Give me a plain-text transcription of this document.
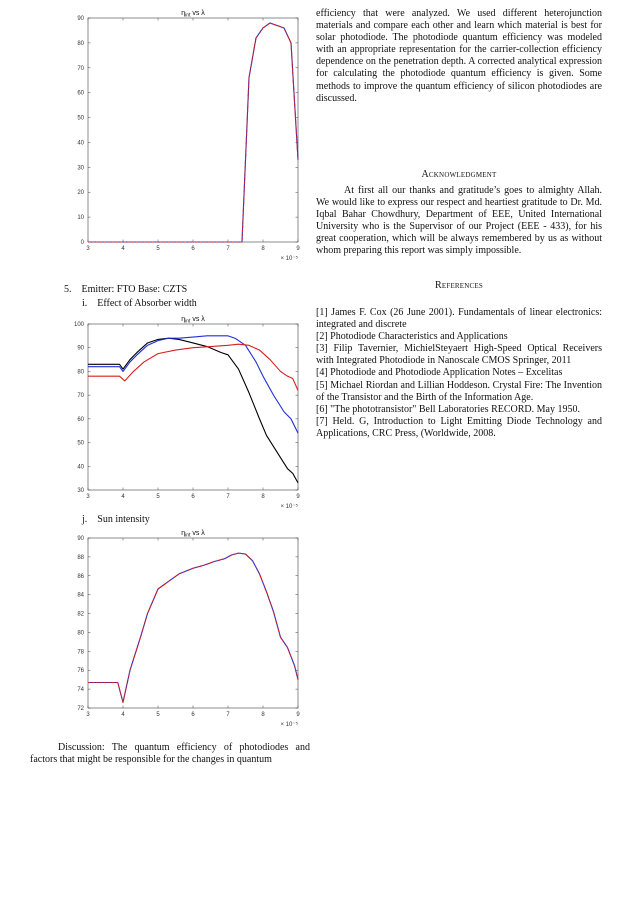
$\eta_{int}$ vs λ
3	4	5	6	7	8	9
0
10
20
30
40
50
60
70
80
90
× 10⁻⁵
5. Emitter: FTO Base: CZTS
i. Effect of Absorber width
$\eta_{int}$ vs λ
3	4	5	6	7	8	9
30
40
50
60
70
80
90
100
× 10⁻⁵
j. Sun intensity
$\eta_{int}$ vs λ
3	4	5	6	7	8	9
72
74
76
78
80
82
84
86
88
90
× 10⁻⁵

Discussion: The quantum efficiency of photodiodes and factors that might be responsible for the changes in quantum

efficiency that were analyzed. We used different heterojunction materials and compare each other and learn which material is best for solar photodiode. The photodiode quantum efficiency was modeled with an appropriate representation for the carrier-collection efficiency dependence on the penetration depth. A corrected analytical expression for calculating the photodiode quantum efficiency is given. Some methods to improve the quantum efficiency of silicon photodiodes are discussed.

Acknowledgment

At first all our thanks and gratitude’s goes to almighty Allah. We would like to express our respect and heartiest gratitude to Dr. Md. Iqbal Bahar Chowdhury, Department of EEE, United International University who is the Supervisor of our Project (EEE - 433), for his great cooperation, which will be always remembered by us as without whom preparing this report was simply impossible.

References

[1] James F. Cox (26 June 2001). Fundamentals of linear electronics: integrated and discrete

[2] Photodiode Characteristics and Applications

[3] Filip Tavernier, MichielSteyaert High-Speed Optical Receivers with Integrated Photodiode in Nanoscale CMOS Springer, 2011

[4] Photodiode and Photodiode Application Notes – Excelitas

[5] Michael Riordan and Lillian Hoddeson. Crystal Fire: The Invention of the Transistor and the Birth of the Information Age.

[6] "The phototransistor" Bell Laboratories RECORD. May 1950.

[7] Held. G, Introduction to Light Emitting Diode Technology and Applications, CRC Press, (Worldwide, 2008.
